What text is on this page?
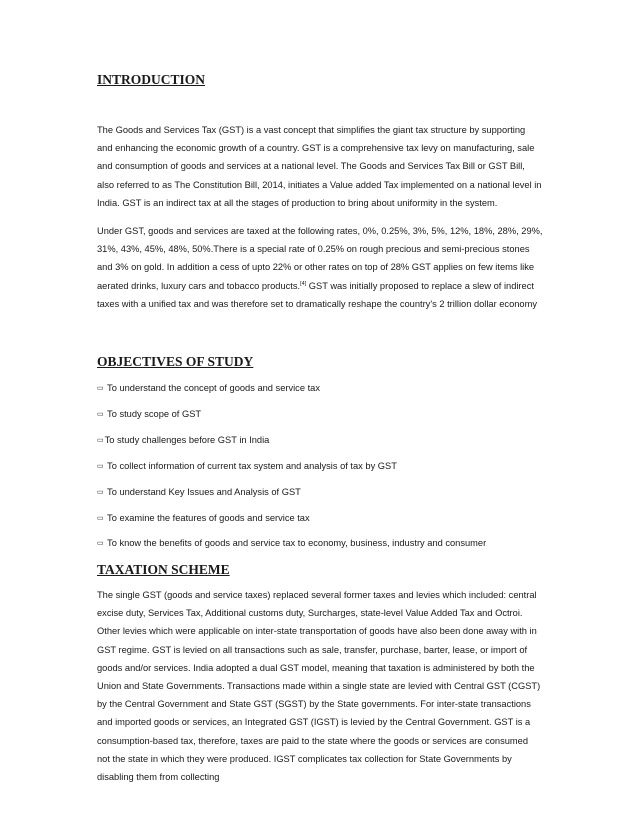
INTRODUCTION

The Goods and Services Tax (GST) is a vast concept that simplifies the giant tax structure by supporting and enhancing the economic growth of a country. GST is a comprehensive tax levy on manufacturing, sale and consumption of goods and services at a national level. The Goods and Services Tax Bill or GST Bill, also referred to as The Constitution Bill, 2014, initiates a Value added Tax implemented on a national level in India. GST is an indirect tax at all the stages of production to bring about uniformity in the system.

Under GST, goods and services are taxed at the following rates, 0%, 0.25%, 3%, 5%, 12%, 18%, 28%, 29%, 31%, 43%, 45%, 48%, 50%.There is a special rate of 0.25% on rough precious and semi-precious stones and 3% on gold. In addition a cess of upto 22% or other rates on top of 28% GST applies on few items like aerated drinks, luxury cars and tobacco products.[4] GST was initially proposed to replace a slew of indirect taxes with a unified tax and was therefore set to dramatically reshape the country's 2 trillion dollar economy

OBJECTIVES OF STUDY
▭ To understand the concept of goods and service tax
▭ To study scope of GST
▭To study challenges before GST in India
▭ To collect information of current tax system and analysis of tax by GST
▭ To understand Key Issues and Analysis of GST
▭ To examine the features of goods and service tax
▭ To know the benefits of goods and service tax to economy, business, industry and consumer
TAXATION SCHEME

The single GST (goods and service taxes) replaced several former taxes and levies which included: central excise duty, Services Tax, Additional customs duty, Surcharges, state-level Value Added Tax and Octroi. Other levies which were applicable on inter-state transportation of goods have also been done away with in GST regime. GST is levied on all transactions such as sale, transfer, purchase, barter, lease, or import of goods and/or services. India adopted a dual GST model, meaning that taxation is administered by both the Union and State Governments. Transactions made within a single state are levied with Central GST (CGST) by the Central Government and State GST (SGST) by the State governments. For inter-state transactions and imported goods or services, an Integrated GST (IGST) is levied by the Central Government. GST is a consumption-based tax, therefore, taxes are paid to the state where the goods or services are consumed not the state in which they were produced. IGST complicates tax collection for State Governments by disabling them from collecting
